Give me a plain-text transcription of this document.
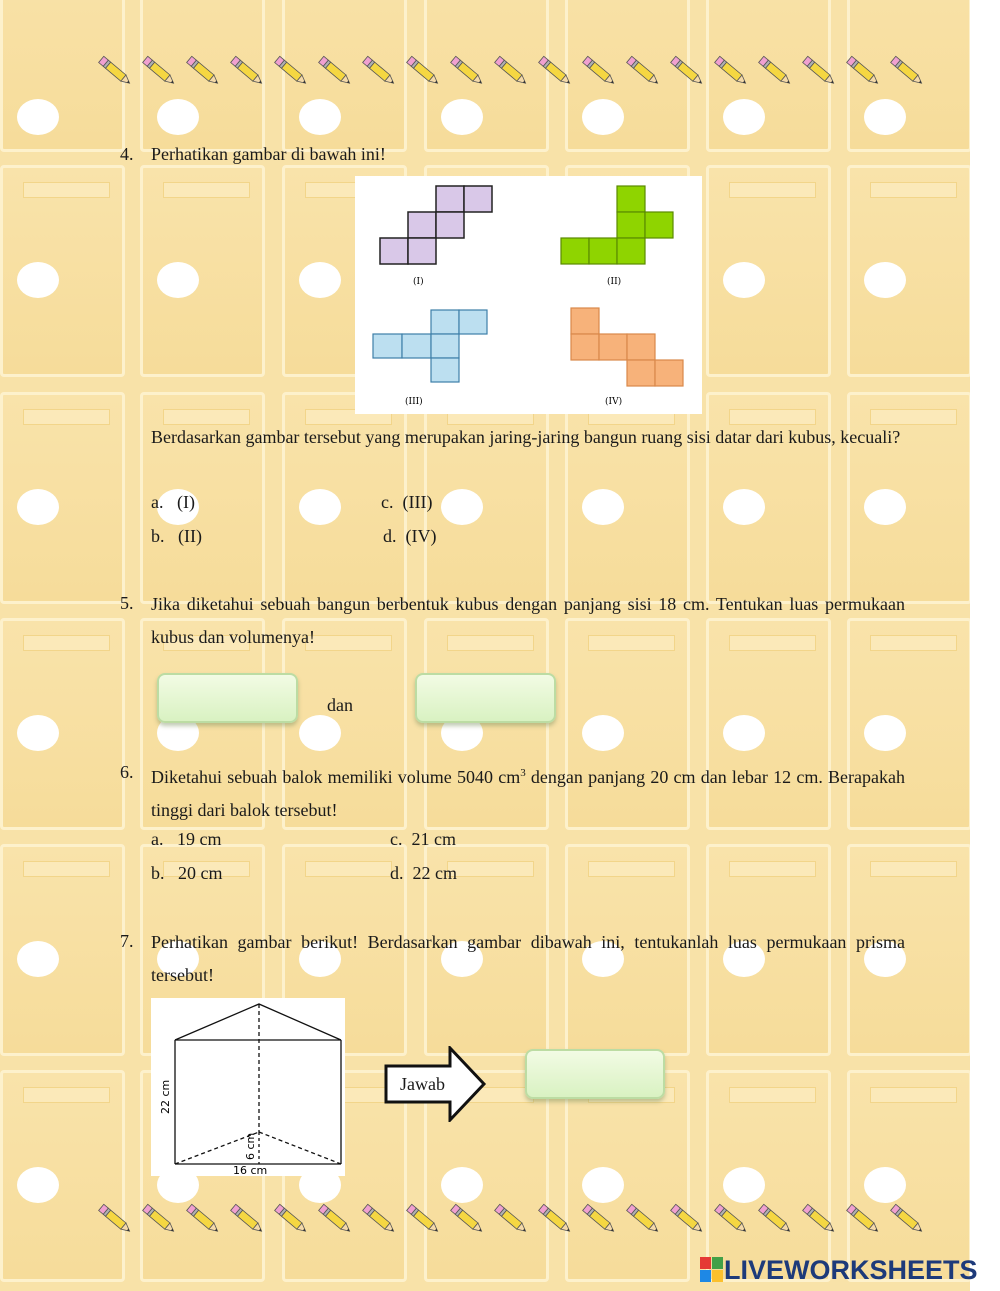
4. Perhatikan gambar di bawah ini!
(I)	(II)
(III)	(IV)
Berdasarkan gambar tersebut yang merupakan jaring-jaring bangun ruang sisi datar dari kubus, kecuali?
a. (I)	c. (III)
b. (II)	d. (IV)
5. Jika diketahui sebuah bangun berbentuk kubus dengan panjang sisi 18 cm. Tentukan luas permukaan kubus dan volumenya!
dan
6. Diketahui sebuah balok memiliki volume 5040 $cm^3$ dengan panjang 20 cm dan lebar 12 cm. Berapakah tinggi dari balok tersebut!
a. 19 cm	c. 21 cm
b. 20 cm	d. 22 cm
7. Perhatikan gambar berikut! Berdasarkan gambar dibawah ini, tentukanlah luas permukaan prisma tersebut!
22 cm
6 cm
16 cm
Jawab
LIVEWORKSHEETS
